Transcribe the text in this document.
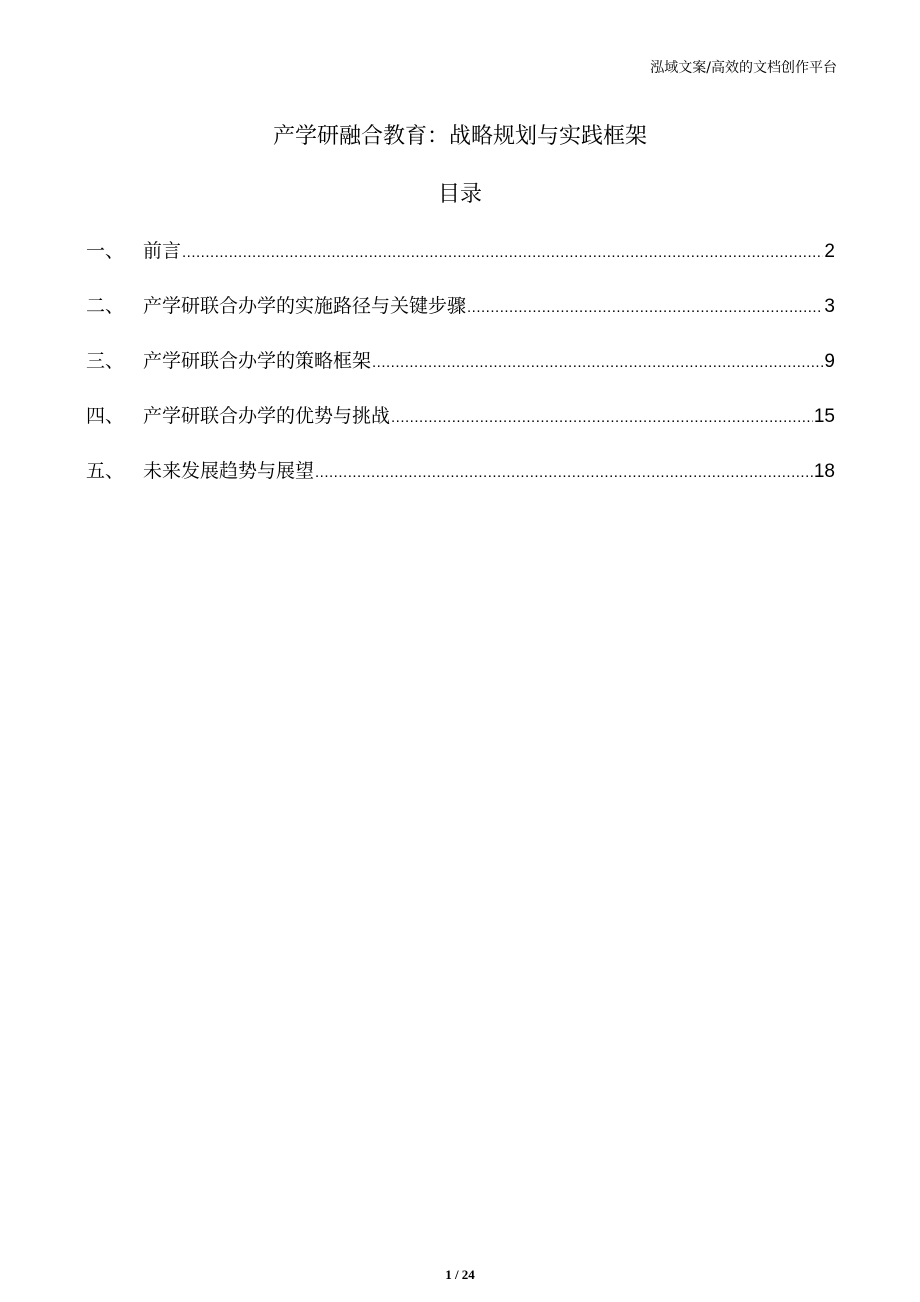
泓域文案/高效的文档创作平台
产学研融合教育：战略规划与实践框架
目录
一、 前言 .....	2
二、 产学研联合办学的实施路径与关键步骤 .....	3
三、 产学研联合办学的策略框架 .....	9
四、 产学研联合办学的优势与挑战 .....	15
五、 未来发展趋势与展望 .....	18
1 / 24
